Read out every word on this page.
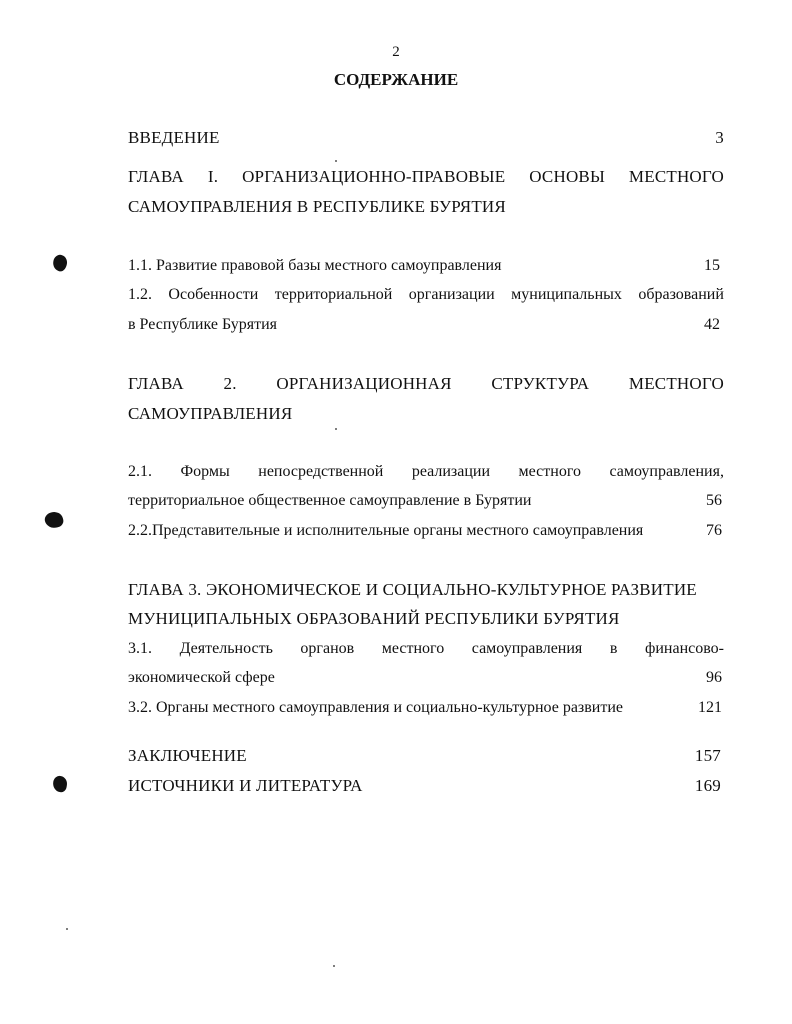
2
СОДЕРЖАНИЕ
ВВЕДЕНИЕ	3
ГЛАВА I. ОРГАНИЗАЦИОННО-ПРАВОВЫЕ ОСНОВЫ МЕСТНОГО
САМОУПРАВЛЕНИЯ В РЕСПУБЛИКЕ БУРЯТИЯ
1.1. Развитие правовой базы местного самоуправления	15
1.2. Особенности территориальной организации муниципальных образований
в Республике Бурятия	42
ГЛАВА 2. ОРГАНИЗАЦИОННАЯ СТРУКТУРА МЕСТНОГО
САМОУПРАВЛЕНИЯ
2.1. Формы непосредственной реализации местного самоуправления,
территориальное общественное самоуправление в Бурятии	56
2.2.Представительные и исполнительные органы местного самоуправления	76
ГЛАВА 3. ЭКОНОМИЧЕСКОЕ И СОЦИАЛЬНО-КУЛЬТУРНОЕ РАЗВИТИЕ
МУНИЦИПАЛЬНЫХ ОБРАЗОВАНИЙ РЕСПУБЛИКИ БУРЯТИЯ
3.1. Деятельность органов местного самоуправления в финансово-
экономической сфере	96
3.2. Органы местного самоуправления и социально-культурное развитие	121
ЗАКЛЮЧЕНИЕ	157
ИСТОЧНИКИ И ЛИТЕРАТУРА	169
